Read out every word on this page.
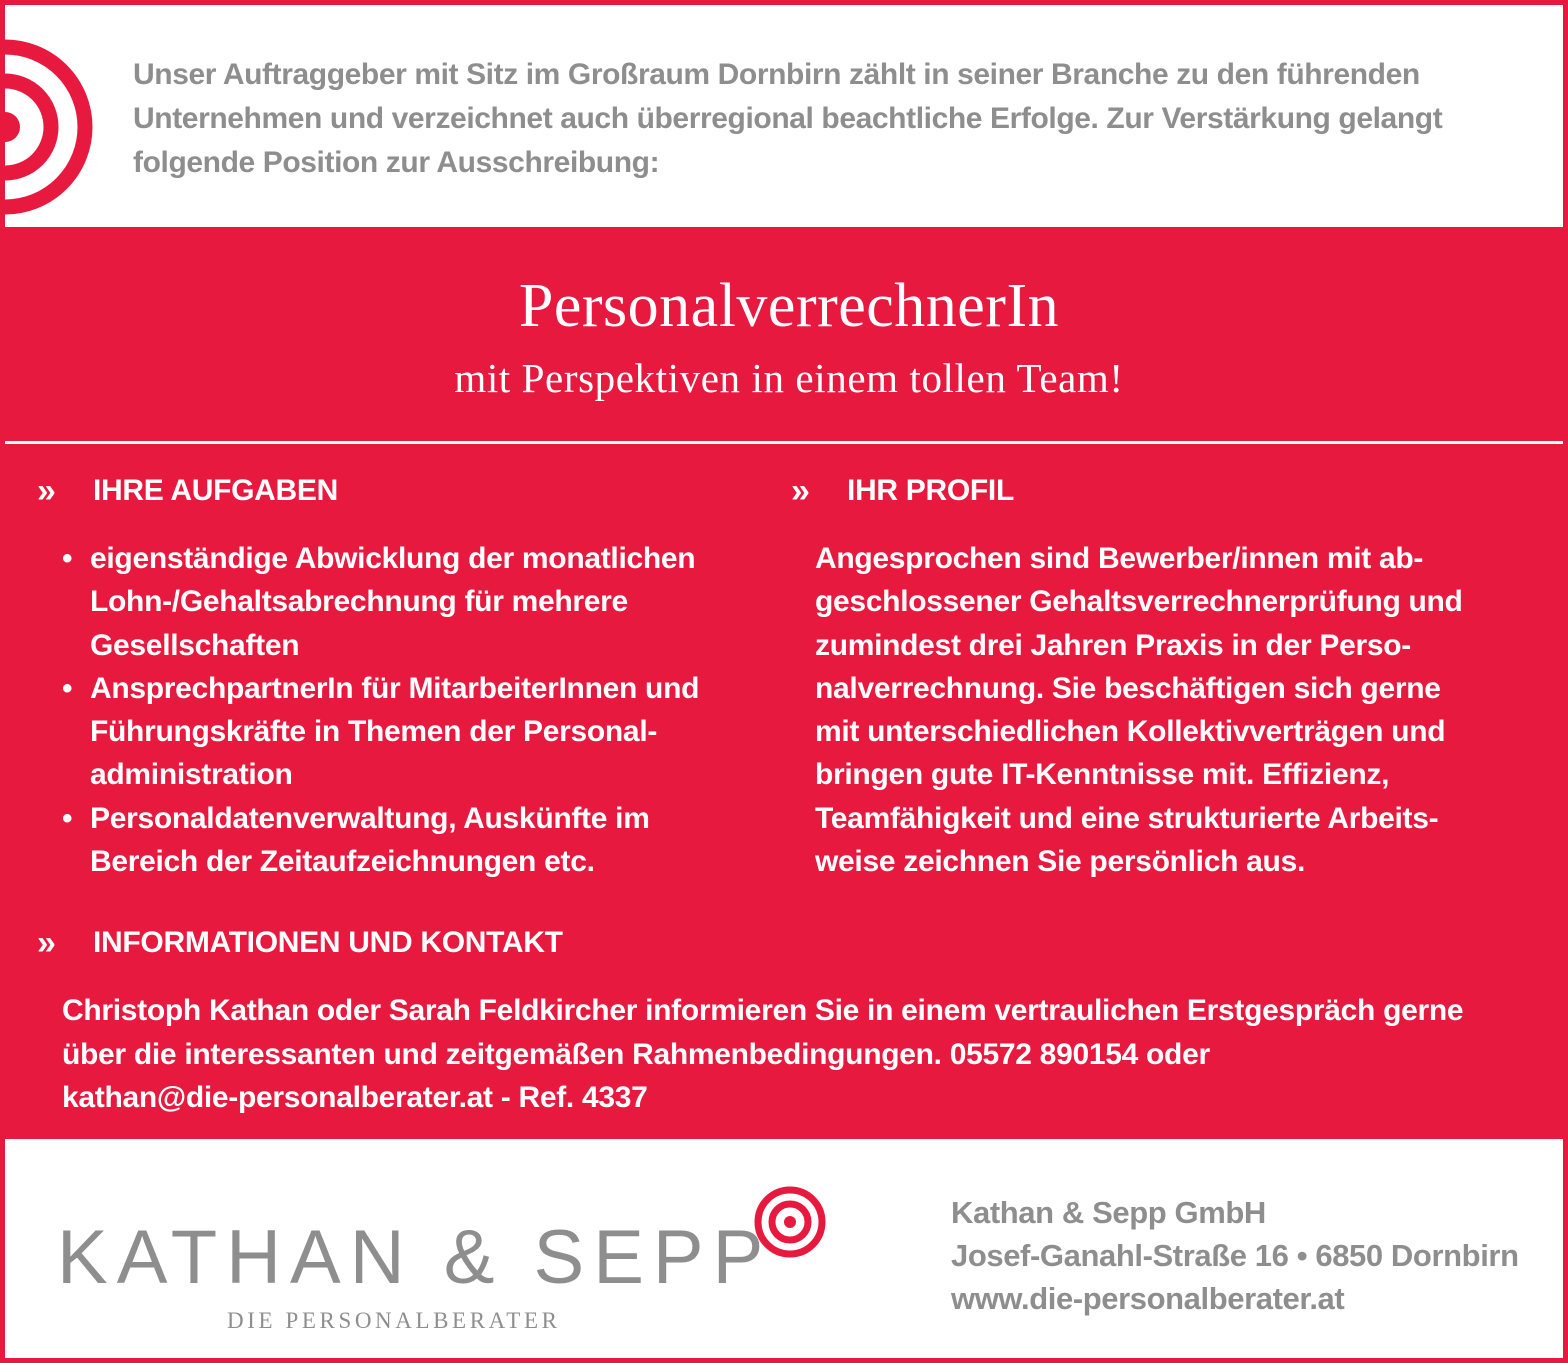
Unser Auftraggeber mit Sitz im Großraum Dornbirn zählt in seiner Branche zu den führenden
Unternehmen und verzeichnet auch überregional beachtliche Erfolge. Zur Verstärkung gelangt
folgende Position zur Ausschreibung:

PersonalverrechnerIn

mit Perspektiven in einem tollen Team!

»	IHRE AUFGABEN
• eigenständige Abwicklung der monatlichen
Lohn-/Gehaltsabrechnung für mehrere
Gesellschaften
• AnsprechpartnerIn für MitarbeiterInnen und
Führungskräfte in Themen der Personal-
administration
• Personaldatenverwaltung, Auskünfte im
Bereich der Zeitaufzeichnungen etc.
»	IHR PROFIL

Angesprochen sind Bewerber/innen mit ab-
geschlossener Gehaltsverrechnerprüfung und
zumindest drei Jahren Praxis in der Perso-
nalverrechnung. Sie beschäftigen sich gerne
mit unterschiedlichen Kollektivverträgen und
bringen gute IT-Kenntnisse mit. Effizienz,
Teamfähigkeit und eine strukturierte Arbeits-
weise zeichnen Sie persönlich aus.

»	INFORMATIONEN UND KONTAKT

Christoph Kathan oder Sarah Feldkircher informieren Sie in einem vertraulichen Erstgespräch gerne
über die interessanten und zeitgemäßen Rahmenbedingungen. 05572 890154 oder
kathan@die-personalberater.at - Ref. 4337

KATHAN & SEPP

DIE PERSONALBERATER

Kathan & Sepp GmbH
Josef-Ganahl-Straße 16 • 6850 Dornbirn
www.die-personalberater.at
